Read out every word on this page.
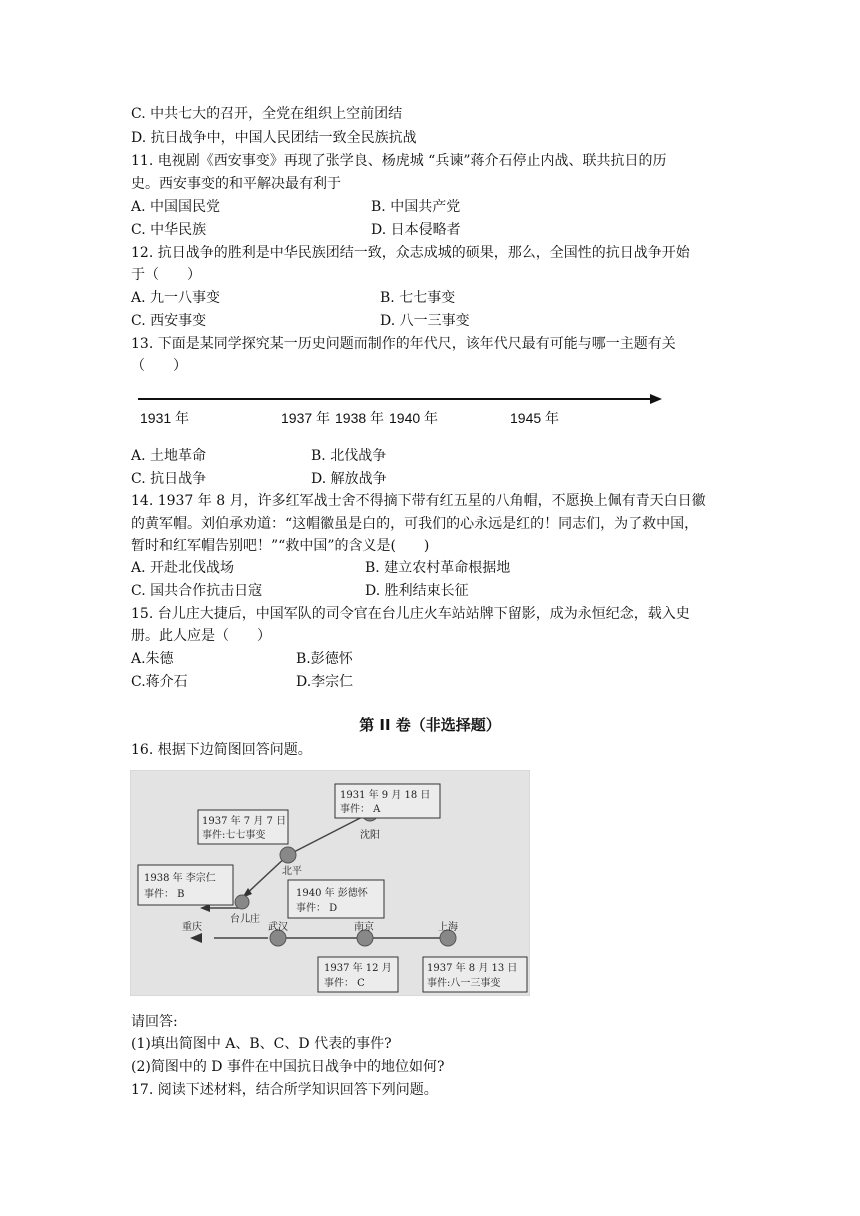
C. 中共七大的召开，全党在组织上空前团结
D. 抗日战争中，中国人民团结一致全民族抗战
11. 电视剧《西安事变》再现了张学良、杨虎城 “兵谏”蒋介石停止内战、联共抗日的历
史。西安事变的和平解决最有利于
A. 中国国民党	B. 中国共产党
C. 中华民族	D. 日本侵略者
12. 抗日战争的胜利是中华民族团结一致，众志成城的硕果，那么，全国性的抗日战争开始
于（　　）
A. 九一八事变	B. 七七事变
C. 西安事变	D. 八一三事变
13. 下面是某同学探究某一历史问题而制作的年代尺，该年代尺最有可能与哪一主题有关
（　　）
1931 年	1937 年 1938 年 1940 年	1945 年
A. 土地革命	B. 北伐战争
C. 抗日战争	D. 解放战争
14. 1937 年 8 月，许多红军战士舍不得摘下带有红五星的八角帽，不愿换上佩有青天白日徽
的黄军帽。刘伯承劝道：“这帽徽虽是白的，可我们的心永远是红的！同志们，为了救中国，
暂时和红军帽告别吧！”“救中国”的含义是(　　)
A. 开赴北伐战场	B. 建立农村革命根据地
C. 国共合作抗击日寇	D. 胜利结束长征
15. 台儿庄大捷后，中国军队的司令官在台儿庄火车站站牌下留影，成为永恒纪念，载入史
册。此人应是（　　）
A.朱德	B.彭德怀
C.蒋介石	D.李宗仁
第 II 卷（非选择题）
16. 根据下边简图回答问题。
1931 年 9 月 18 日
事件： A
1937 年 7 月 7 日
事件:七七事变
1938 年 李宗仁
事件： B	1940 年 彭德怀
事件： D
1937 年 12 月
事件： C
1937 年 8 月 13 日
事件:八一三事变
沈阳
北平
台儿庄
重庆	武汉	南京	上海
请回答:
(1)填出简图中 A、B、C、D 代表的事件?
(2)简图中的 D 事件在中国抗日战争中的地位如何?
17. 阅读下述材料，结合所学知识回答下列问题。
